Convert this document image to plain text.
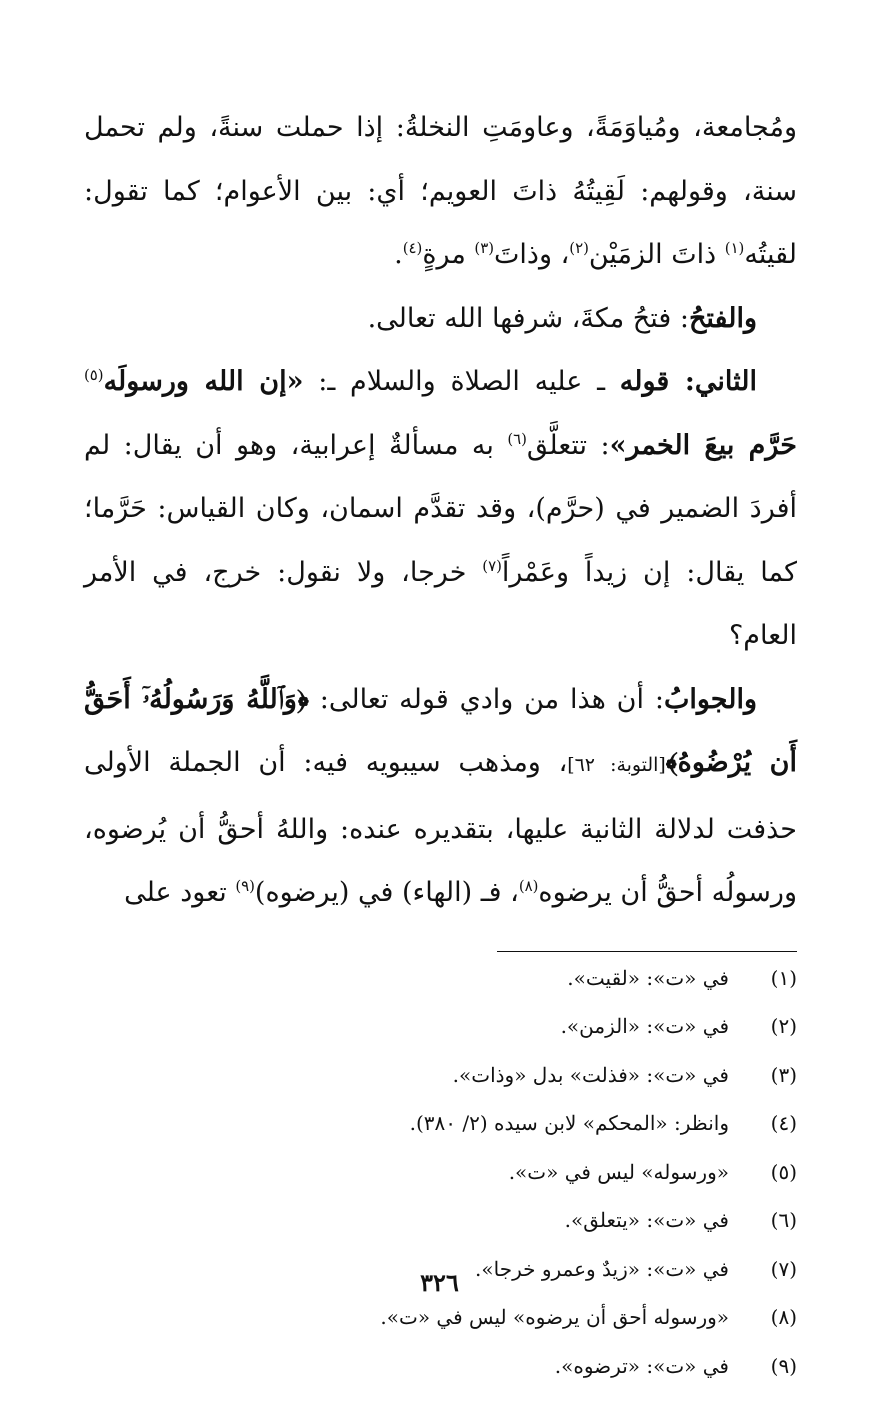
ومُجامعة، ومُياوَمَةً، وعاومَتِ النخلةُ: إذا حملت سنةً، ولم تحمل سنة، وقولهم: لَقِيتُهُ ذاتَ العويم؛ أي: بين الأعوام؛ كما تقول: لقيتُه$^{(١)}$ ذاتَ الزمَيْن$^{(٢)}$، وذاتَ$^{(٣)}$ مرةٍ$^{(٤)}$.

والفتحُ: فتحُ مكةَ، شرفها الله تعالى.

الثاني: قوله ـ عليه الصلاة والسلام ـ: «إن الله ورسولَه$^{(٥)}$ حَرَّم بيعَ الخمر»: تتعلَّق$^{(٦)}$ به مسألةٌ إعرابية، وهو أن يقال: لم أفردَ الضمير في (حرَّم)، وقد تقدَّم اسمان، وكان القياس: حَرَّما؛ كما يقال: إن زيداً وعَمْراً$^{(٧)}$ خرجا، ولا نقول: خرج، في الأمر العام؟

والجوابُ: أن هذا من وادي قوله تعالى: ﴿وَٱللَّهُ وَرَسُولُهُۥٓ أَحَقُّ أَن يُرْضُوهُ﴾[التوبة: ٦٢]، ومذهب سيبويه فيه: أن الجملة الأولى حذفت لدلالة الثانية عليها، بتقديره عنده: واللهُ أحقُّ أن يُرضوه، ورسولُه أحقُّ أن يرضوه$^{(٨)}$، فـ (الهاء) في (يرضوه)$^{(٩)}$ تعود على

(١)
في «ت»: «لقيت».
(٢)
في «ت»: «الزمن».
(٣)
في «ت»: «فذلت» بدل «وذات».
(٤)
وانظر: «المحكم» لابن سيده (٢/ ٣٨٠).
(٥)
«ورسوله» ليس في «ت».
(٦)
في «ت»: «يتعلق».
(٧)
في «ت»: «زيدٌ وعمرو خرجا».
(٨)
«ورسوله أحق أن يرضوه» ليس في «ت».
(٩)
في «ت»: «ترضوه».
٣٢٦
